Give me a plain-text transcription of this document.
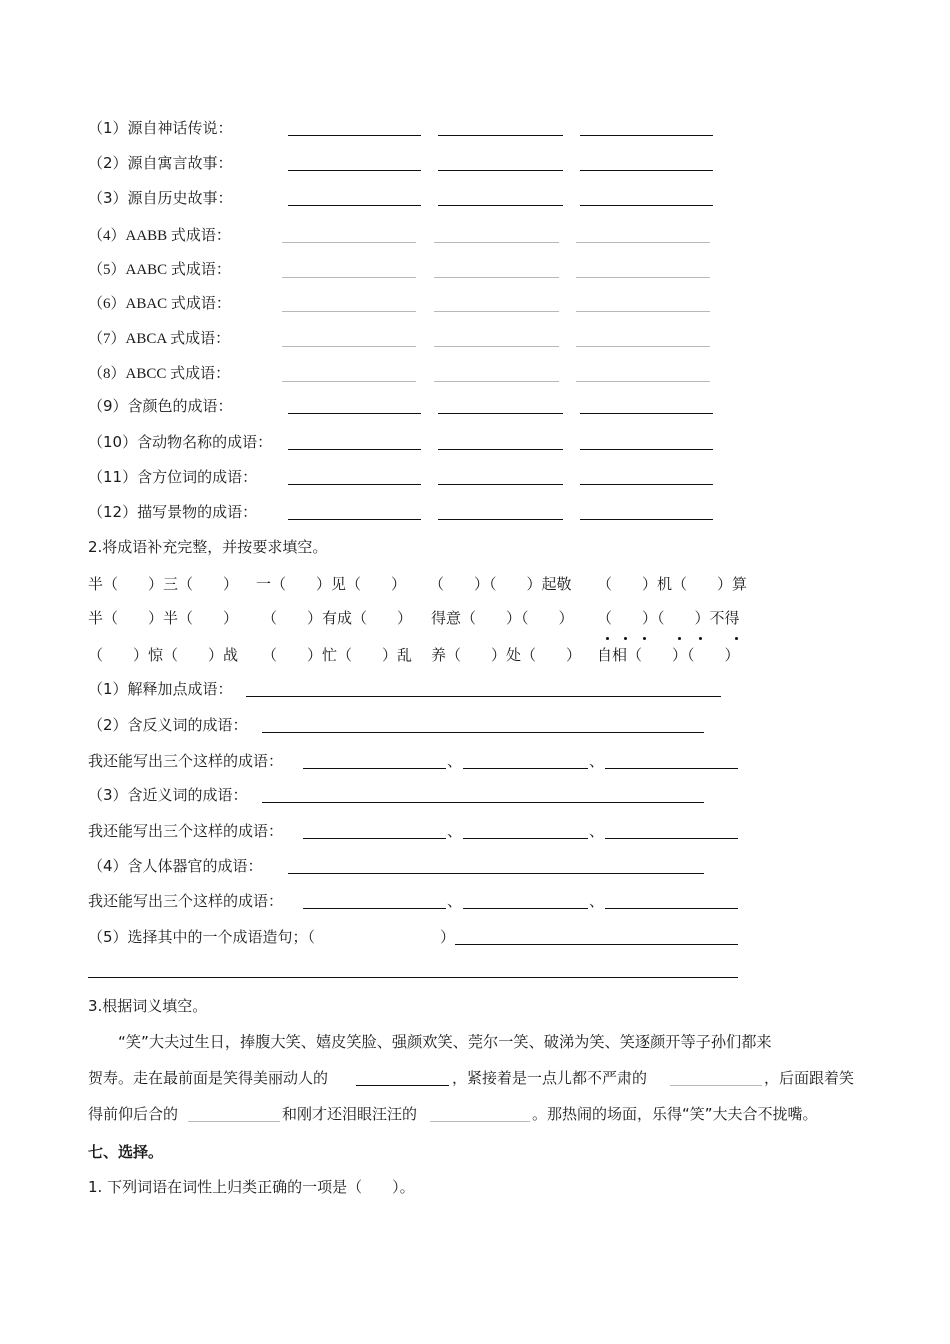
（1）源自神话传说：
（2）源自寓言故事：
（3）源自历史故事：
（4）AABB 式成语：
（5）AABC 式成语：
（6）ABAC 式成语：
（7）ABCA 式成语：
（8）ABCC 式成语：
（9）含颜色的成语：
（10）含动物名称的成语：
（11）含方位词的成语：
（12）描写景物的成语：
2.将成语补充完整，并按要求填空。
半（　　）三（　　） 一（　　）见（　　） （　　）（　　）起敬 （　　）机（　　）算
半（　　）半（　　） （　　）有成（　　） 得意（　　）（　　） （　　）（　　）不得
（　　）惊（　　）战 （　　）忙（　　）乱 养（　　）处（　　） 自相（　　）（　　）
（1）解释加点成语：
（2）含反义词的成语：
我还能写出三个这样的成语：	、	、
（3）含近义词的成语：
我还能写出三个这样的成语：	、	、
（4）含人体器官的成语：
我还能写出三个这样的成语：	、	、
（5）选择其中的一个成语造句；（	）
3.根据词义填空。
“笑”大夫过生日，捧腹大笑、嬉皮笑脸、强颜欢笑、莞尔一笑、破涕为笑、笑逐颜开等子孙们都来
贺寿。走在最前面是笑得美丽动人的	，紧接着是一点儿都不严肃的	，后面跟着笑
得前仰后合的	和刚才还泪眼汪汪的	。那热闹的场面，乐得“笑”大夫合不拢嘴。
七、选择。
1. 下列词语在词性上归类正确的一项是（　　）。
